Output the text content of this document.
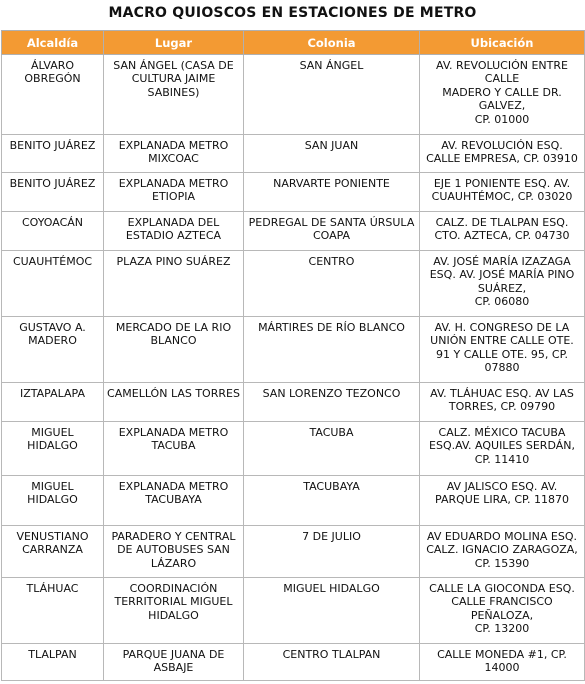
MACRO QUIOSCOS EN ESTACIONES DE METRO
Alcaldía	Lugar	Colonia	Ubicación
ÁLVARO OBREGÓN	SAN ÁNGEL (CASA DE CULTURA JAIME SABINES)	SAN ÁNGEL	AV. REVOLUCIÓN ENTRE CALLE
MADERO Y CALLE DR. GALVEZ,
CP. 01000
BENITO JUÁREZ	EXPLANADA METRO MIXCOAC	SAN JUAN	AV. REVOLUCIÓN ESQ. CALLE EMPRESA, CP. 03910
BENITO JUÁREZ	EXPLANADA METRO ETIOPIA	NARVARTE PONIENTE	EJE 1 PONIENTE ESQ. AV. CUAUHTÉMOC, CP. 03020
COYOACÁN	EXPLANADA DEL ESTADIO AZTECA	PEDREGAL DE SANTA ÚRSULA COAPA	CALZ. DE TLALPAN ESQ. CTO. AZTECA, CP. 04730
CUAUHTÉMOC	PLAZA PINO SUÁREZ	CENTRO	AV. JOSÉ MARÍA IZAZAGA ESQ. AV. JOSÉ MARÍA PINO SUÁREZ,
CP. 06080
GUSTAVO A. MADERO	MERCADO DE LA RIO BLANCO	MÁRTIRES DE RÍO BLANCO	AV. H. CONGRESO DE LA UNIÓN ENTRE CALLE OTE. 91 Y CALLE OTE. 95, CP. 07880
IZTAPALAPA	CAMELLÓN LAS TORRES	SAN LORENZO TEZONCO	AV. TLÁHUAC ESQ. AV LAS TORRES, CP. 09790
MIGUEL HIDALGO	EXPLANADA METRO TACUBA	TACUBA	CALZ. MÉXICO TACUBA ESQ.AV. AQUILES SERDÁN, CP. 11410
MIGUEL HIDALGO	EXPLANADA METRO TACUBAYA	TACUBAYA	AV JALISCO ESQ. AV. PARQUE LIRA, CP. 11870
VENUSTIANO CARRANZA	PARADERO Y CENTRAL DE AUTOBUSES SAN LÁZARO	7 DE JULIO	AV EDUARDO MOLINA ESQ. CALZ. IGNACIO ZARAGOZA, CP. 15390
TLÁHUAC	COORDINACIÓN TERRITORIAL MIGUEL HIDALGO	MIGUEL HIDALGO	CALLE LA GIOCONDA ESQ. CALLE FRANCISCO PEÑALOZA,
CP. 13200
TLALPAN	PARQUE JUANA DE ASBAJE	CENTRO TLALPAN	CALLE MONEDA #1, CP. 14000
